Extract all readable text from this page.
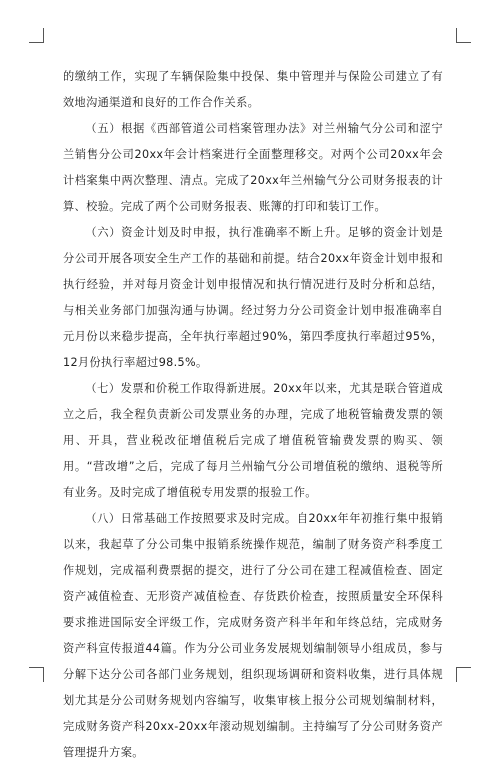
的缴纳工作，实现了车辆保险集中投保、集中管理并与保险公司建立了有效地沟通渠道和良好的工作合作关系。

（五）根据《西部管道公司档案管理办法》对兰州输气分公司和涩宁兰销售分公司20xx年会计档案进行全面整理移交。对两个公司20xx年会计档案集中两次整理、清点。完成了20xx年兰州输气分公司财务报表的计算、校验。完成了两个公司财务报表、账簿的打印和装订工作。

（六）资金计划及时申报，执行准确率不断上升。足够的资金计划是分公司开展各项安全生产工作的基础和前提。结合20xx年资金计划申报和执行经验，并对每月资金计划申报情况和执行情况进行及时分析和总结，与相关业务部门加强沟通与协调。经过努力分公司资金计划申报准确率自元月份以来稳步提高，全年执行率超过90%，第四季度执行率超过95%，12月份执行率超过98.5%。

（七）发票和价税工作取得新进展。20xx年以来，尤其是联合管道成立之后，我全程负责新公司发票业务的办理，完成了地税管输费发票的领用、开具，营业税改征增值税后完成了增值税管输费发票的购买、领用。“营改增”之后，完成了每月兰州输气分公司增值税的缴纳、退税等所有业务。及时完成了增值税专用发票的报验工作。

（八）日常基础工作按照要求及时完成。自20xx年年初推行集中报销以来，我起草了分公司集中报销系统操作规范，编制了财务资产科季度工作规划，完成福利费票据的提交，进行了分公司在建工程减值检查、固定资产减值检查、无形资产减值检查、存货跌价检查，按照质量安全环保科要求推进国际安全评级工作，完成财务资产科半年和年终总结，完成财务资产科宣传报道44篇。作为分公司业务发展规划编制领导小组成员，参与分解下达分公司各部门业务规划，组织现场调研和资料收集，进行具体规划尤其是分公司财务规划内容编写，收集审核上报分公司规划编制材料，完成财务资产科20xx-20xx年滚动规划编制。主持编写了分公司财务资产管理提升方案。
